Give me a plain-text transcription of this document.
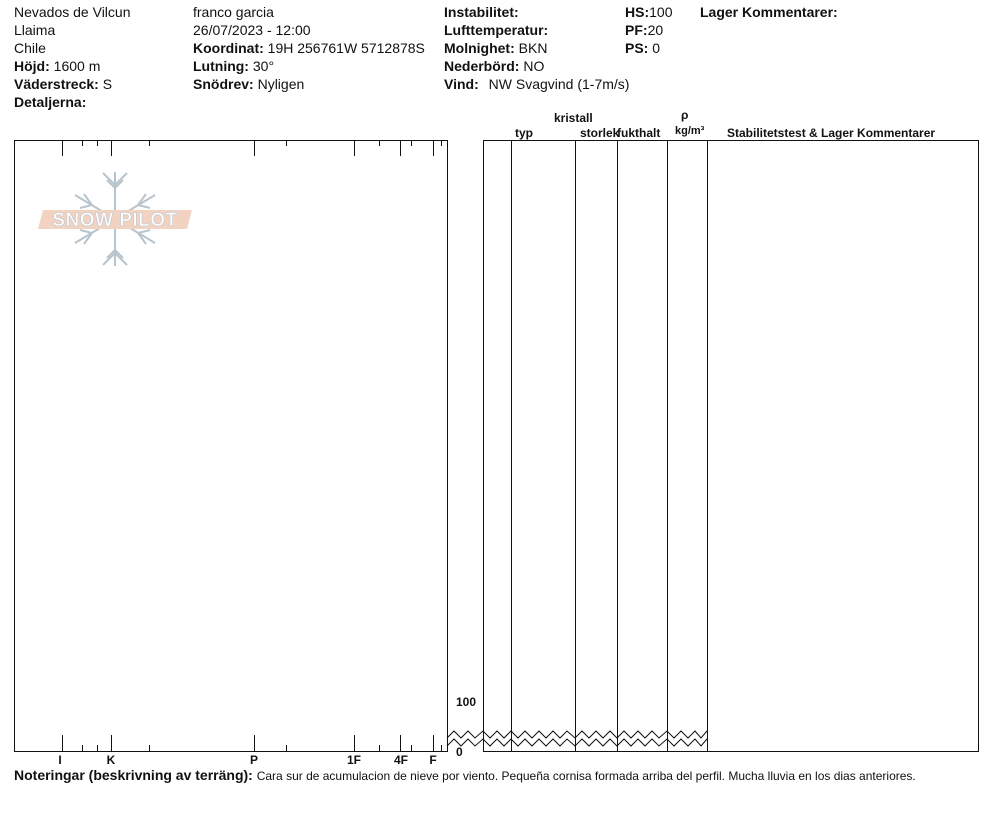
Nevados de Vilcun
Llaima
Chile
Höjd: 1600 m
Väderstreck: S
Detaljerna:
franco garcia
26/07/2023 - 12:00
Koordinat: 19H 256761W 5712878S
Lutning: 30°
Snödrev: Nyligen
Instabilitet:
Lufttemperatur:
Molnighet: BKN
Nederbörd: NO
Vind: NW Svagvind (1-7m/s)
HS:100
PF:20
PS: 0
Lager Kommentarer:
typ
kristall
storlek
fukthalt
ρ
kg/m³ Stabilitetstest & Lager Kommentarer
I	K	P	1F	4F F
SNOW PILOT
100
0
Noteringar (beskrivning av terräng): Cara sur de acumulacion de nieve por viento. Pequeña cornisa formada arriba del perfil. Mucha lluvia en los dias anteriores.
